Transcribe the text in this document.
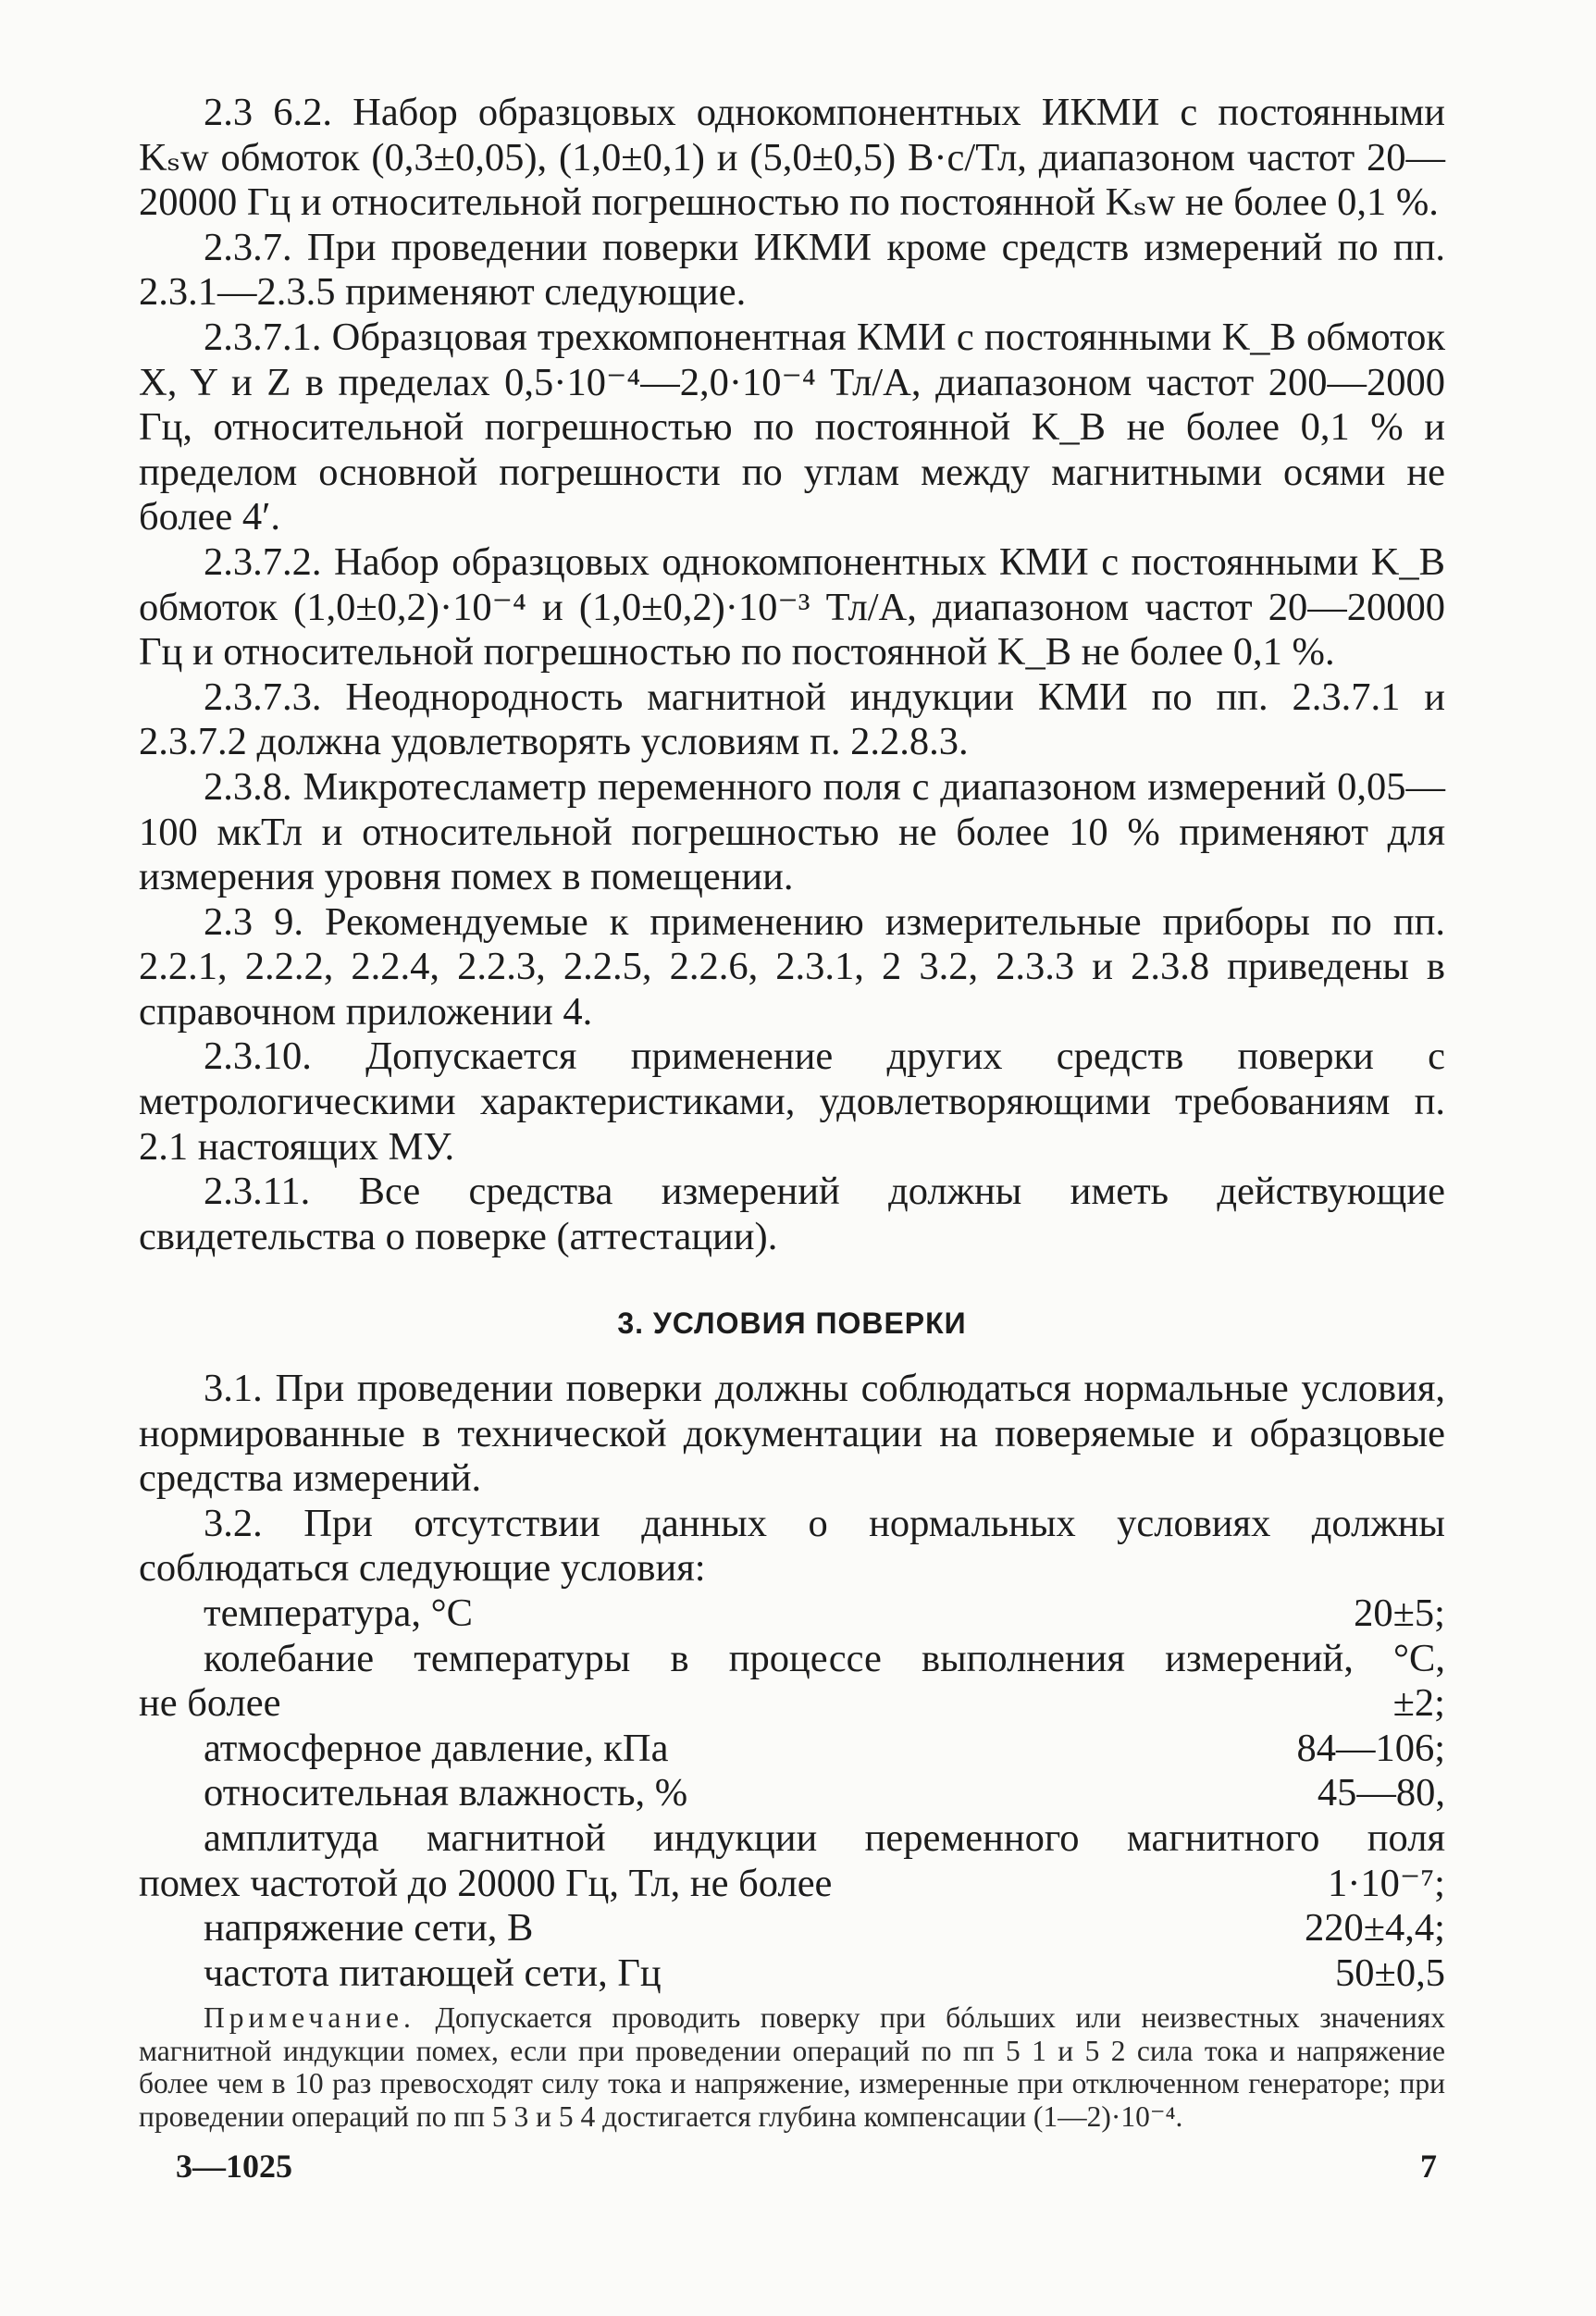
2.3 6.2. Набор образцовых однокомпонентных ИКМИ с постоянными Kₛw обмоток (0,3±0,05), (1,0±0,1) и (5,0±0,5) В·с/Тл, диапазоном частот 20—20000 Гц и относительной погрешностью по постоянной Kₛw не более 0,1 %.

2.3.7. При проведении поверки ИКМИ кроме средств измерений по пп. 2.3.1—2.3.5 применяют следующие.

2.3.7.1. Образцовая трехкомпонентная КМИ с постоянными K_B обмоток X, Y и Z в пределах 0,5·10⁻⁴—2,0·10⁻⁴ Тл/А, диапазоном частот 200—2000 Гц, относительной погрешностью по постоянной K_B не более 0,1 % и пределом основной погрешности по углам между магнитными осями не более 4′.

2.3.7.2. Набор образцовых однокомпонентных КМИ с постоянными K_B обмоток (1,0±0,2)·10⁻⁴ и (1,0±0,2)·10⁻³ Тл/А, диапазоном частот 20—20000 Гц и относительной погрешностью по постоянной K_B не более 0,1 %.

2.3.7.3. Неоднородность магнитной индукции КМИ по пп. 2.3.7.1 и 2.3.7.2 должна удовлетворять условиям п. 2.2.8.3.

2.3.8. Микротесламетр переменного поля с диапазоном измерений 0,05—100 мкТл и относительной погрешностью не более 10 % применяют для измерения уровня помех в помещении.

2.3 9. Рекомендуемые к применению измерительные приборы по пп. 2.2.1, 2.2.2, 2.2.4, 2.2.3, 2.2.5, 2.2.6, 2.3.1, 2 3.2, 2.3.3 и 2.3.8 приведены в справочном приложении 4.

2.3.10. Допускается применение других средств поверки с метрологическими характеристиками, удовлетворяющими требованиям п. 2.1 настоящих МУ.

2.3.11. Все средства измерений должны иметь действующие свидетельства о поверке (аттестации).

3. УСЛОВИЯ ПОВЕРКИ

3.1. При проведении поверки должны соблюдаться нормальные условия, нормированные в технической документации на поверяемые и образцовые средства измерений.

3.2. При отсутствии данных о нормальных условиях должны соблюдаться следующие условия:

температура, °С	20±5;
колебание температуры в процессе выполнения измерений, °С,
не более	±2;
атмосферное давление, кПа	84—106;
относительная влажность, %	45—80,
амплитуда магнитной индукции переменного магнитного поля
помех частотой до 20000 Гц, Тл, не более	1·10⁻⁷;
напряжение сети, В	220±4,4;
частота питающей сети, Гц	50±0,5

Примечание. Допускается проводить поверку при бóльших или неизвестных значениях магнитной индукции помех, если при проведении операций по пп 5 1 и 5 2 сила тока и напряжение более чем в 10 раз превосходят силу тока и напряжение, измеренные при отключенном генераторе; при проведении операций по пп 5 3 и 5 4 достигается глубина компенсации (1—2)·10⁻⁴.

3—1025	7
